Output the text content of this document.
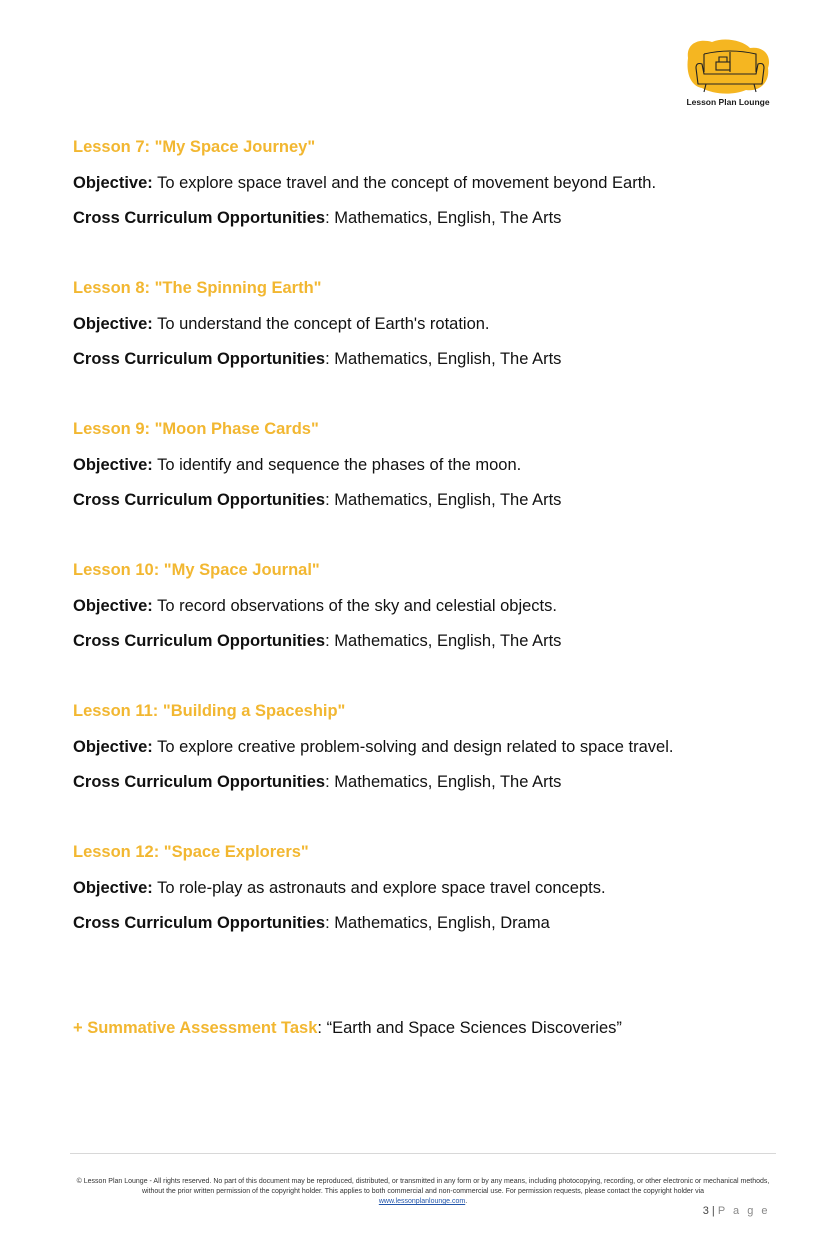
Lesson Plan Lounge
Lesson 7: "My Space Journey"
Objective: To explore space travel and the concept of movement beyond Earth.
Cross Curriculum Opportunities: Mathematics, English, The Arts
Lesson 8: "The Spinning Earth"
Objective: To understand the concept of Earth's rotation.
Cross Curriculum Opportunities: Mathematics, English, The Arts
Lesson 9: "Moon Phase Cards"
Objective: To identify and sequence the phases of the moon.
Cross Curriculum Opportunities: Mathematics, English, The Arts
Lesson 10: "My Space Journal"
Objective: To record observations of the sky and celestial objects.
Cross Curriculum Opportunities: Mathematics, English, The Arts
Lesson 11: "Building a Spaceship"
Objective: To explore creative problem-solving and design related to space travel.
Cross Curriculum Opportunities: Mathematics, English, The Arts
Lesson 12: "Space Explorers"
Objective: To role-play as astronauts and explore space travel concepts.
Cross Curriculum Opportunities: Mathematics, English, Drama
+ Summative Assessment Task: “Earth and Space Sciences Discoveries”
© Lesson Plan Lounge - All rights reserved. No part of this document may be reproduced, distributed, or transmitted in any form or by any means, including photocopying, recording, or other electronic or mechanical methods, without the prior written permission of the copyright holder. This applies to both commercial and non-commercial use. For permission requests, please contact the copyright holder via
www.lessonplanlounge.com.
3 | P a g e
